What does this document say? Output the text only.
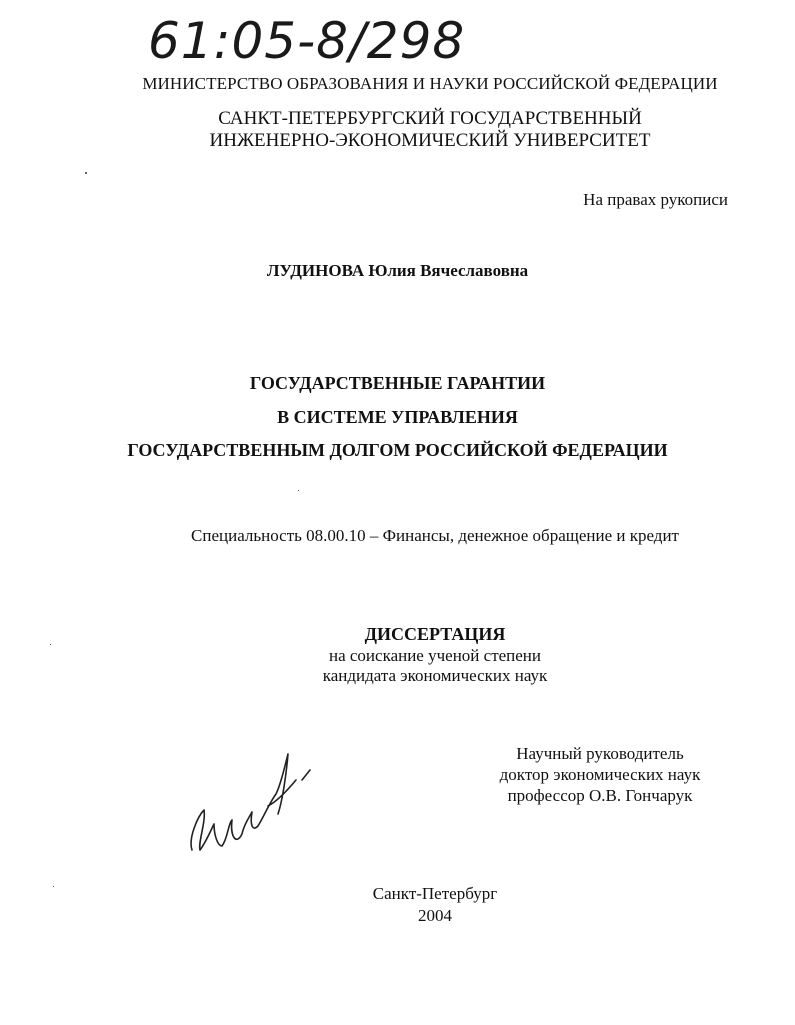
61:05-8/298
МИНИСТЕРСТВО ОБРАЗОВАНИЯ И НАУКИ РОССИЙСКОЙ ФЕДЕРАЦИИ
САНКТ-ПЕТЕРБУРГСКИЙ ГОСУДАРСТВЕННЫЙ
ИНЖЕНЕРНО-ЭКОНОМИЧЕСКИЙ УНИВЕРСИТЕТ
На правах рукописи
ЛУДИНОВА Юлия Вячеславовна
ГОСУДАРСТВЕННЫЕ ГАРАНТИИ
В СИСТЕМЕ УПРАВЛЕНИЯ
ГОСУДАРСТВЕННЫМ ДОЛГОМ РОССИЙСКОЙ ФЕДЕРАЦИИ
Специальность 08.00.10 – Финансы, денежное обращение и кредит
ДИССЕРТАЦИЯ
на соискание ученой степени
кандидата экономических наук
Научный руководитель
доктор экономических наук
профессор О.В. Гончарук
Санкт-Петербург
2004
